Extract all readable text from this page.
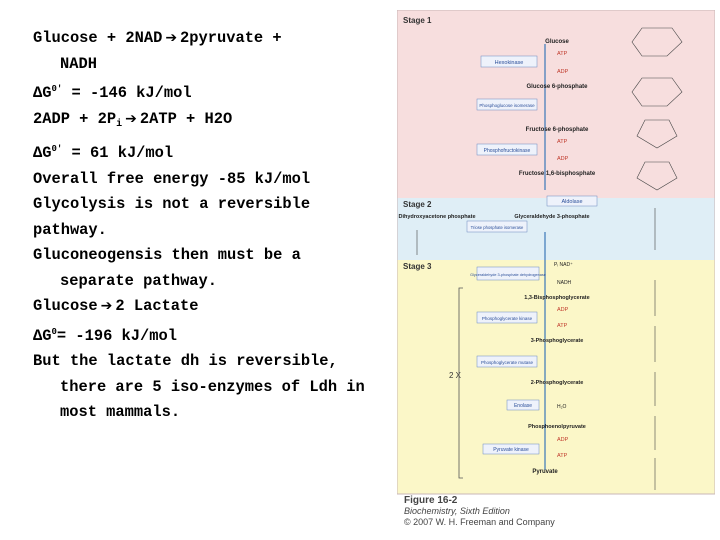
Glucose + 2NAD ➔ 2pyruvate +
NADH
$\Delta G^{0'} = -146$ kJ/mol
$2ADP + 2P_i$ ➔ 2ATP + H2O
$\Delta G^{0'} = 61$ kJ/mol
Overall free energy -85 kJ/mol
Glycolysis is not a reversible
pathway.
Gluconeogensis then must be a
separate pathway.
Glucose ➔ 2 Lactate
$\Delta G^0= -196$ kJ/mol
But the lactate dh is reversible,
there are 5 iso-enzymes of Ldh in
most mammals.
Stage 1
Stage 2
Stage 3
2 X
Glucose
Glucose 6-phosphate
Fructose 6-phosphate
Fructose 1,6-bisphosphate
Dihydroxyacetone phosphate	Glyceraldehyde 3-phosphate
1,3-Bisphosphoglycerate
3-Phosphoglycerate
2-Phosphoglycerate
Phosphoenolpyruvate
Pyruvate
Hexokinase
Phosphoglucose isomerase
Phosphofructokinase
Aldolase
Triose phosphate isomerase
Glyceraldehyde 3-phosphate dehydrogenase
Phosphoglycerate kinase
Phosphoglycerate mutase
Enolase
Pyruvate kinase
ATP
ADP
ATP
ADP
Pᵢ NAD⁺
NADH
ADP
ATP
H₂O
ADP
ATP
Figure 16-2
Biochemistry, Sixth Edition
© 2007 W. H. Freeman and Company
